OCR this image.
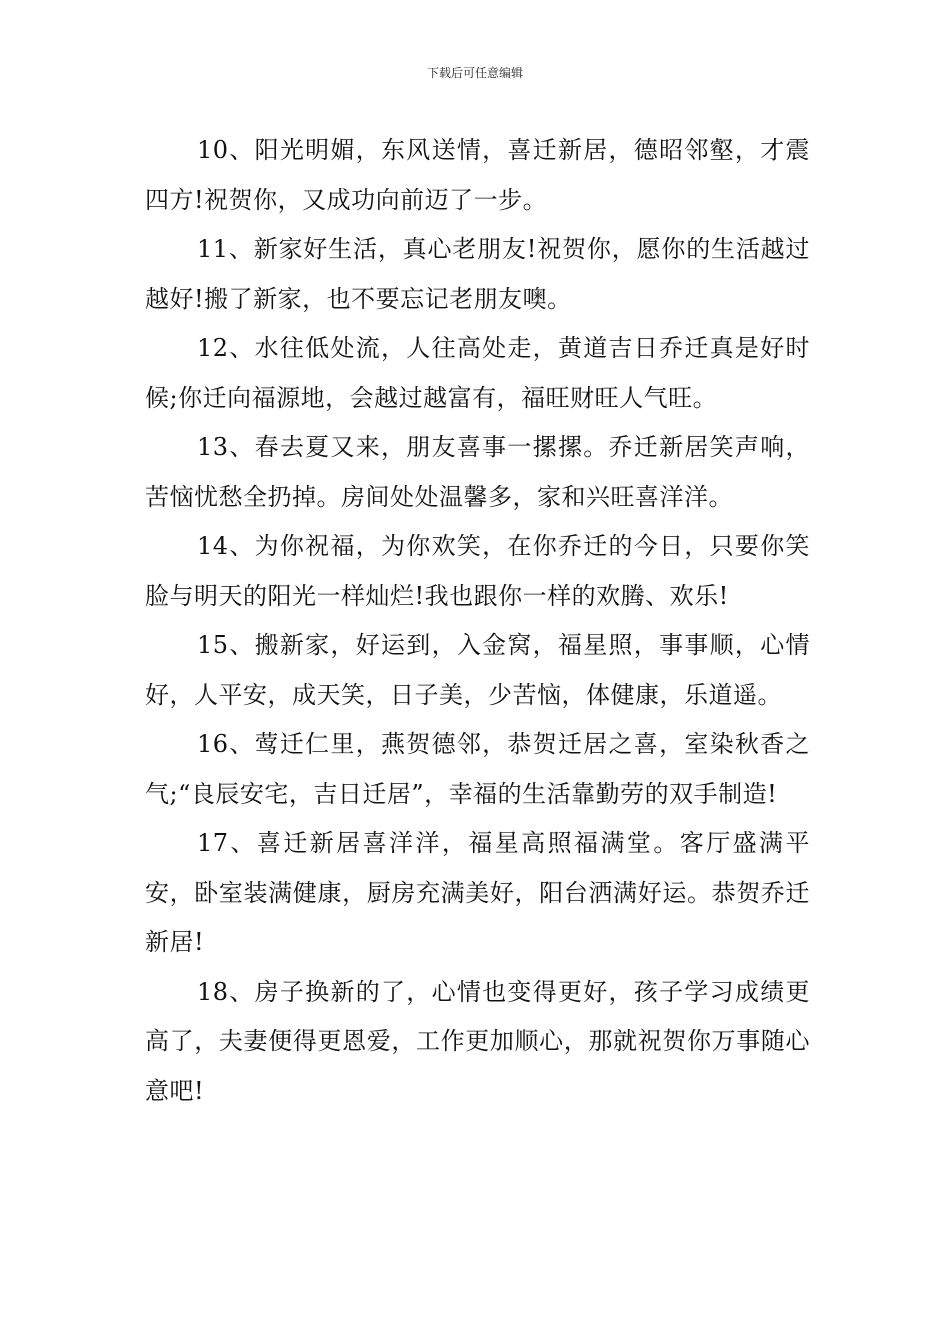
下载后可任意编辑

10、阳光明媚，东风送情，喜迁新居，德昭邻壑，才震四方!祝贺你，又成功向前迈了一步。

11、新家好生活，真心老朋友!祝贺你，愿你的生活越过越好!搬了新家，也不要忘记老朋友噢。

12、水往低处流，人往高处走，黄道吉日乔迁真是好时候;你迁向福源地，会越过越富有，福旺财旺人气旺。

13、春去夏又来，朋友喜事一摞摞。乔迁新居笑声响，苦恼忧愁全扔掉。房间处处温馨多，家和兴旺喜洋洋。

14、为你祝福，为你欢笑，在你乔迁的今日，只要你笑脸与明天的阳光一样灿烂!我也跟你一样的欢腾、欢乐!

15、搬新家，好运到，入金窝，福星照，事事顺，心情好，人平安，成天笑，日子美，少苦恼，体健康，乐道遥。

16、莺迁仁里，燕贺德邻，恭贺迁居之喜，室染秋香之气;“良辰安宅，吉日迁居”，幸福的生活靠勤劳的双手制造!

17、喜迁新居喜洋洋，福星高照福满堂。客厅盛满平安，卧室装满健康，厨房充满美好，阳台洒满好运。恭贺乔迁新居!

18、房子换新的了，心情也变得更好，孩子学习成绩更高了，夫妻便得更恩爱，工作更加顺心，那就祝贺你万事随心意吧!
